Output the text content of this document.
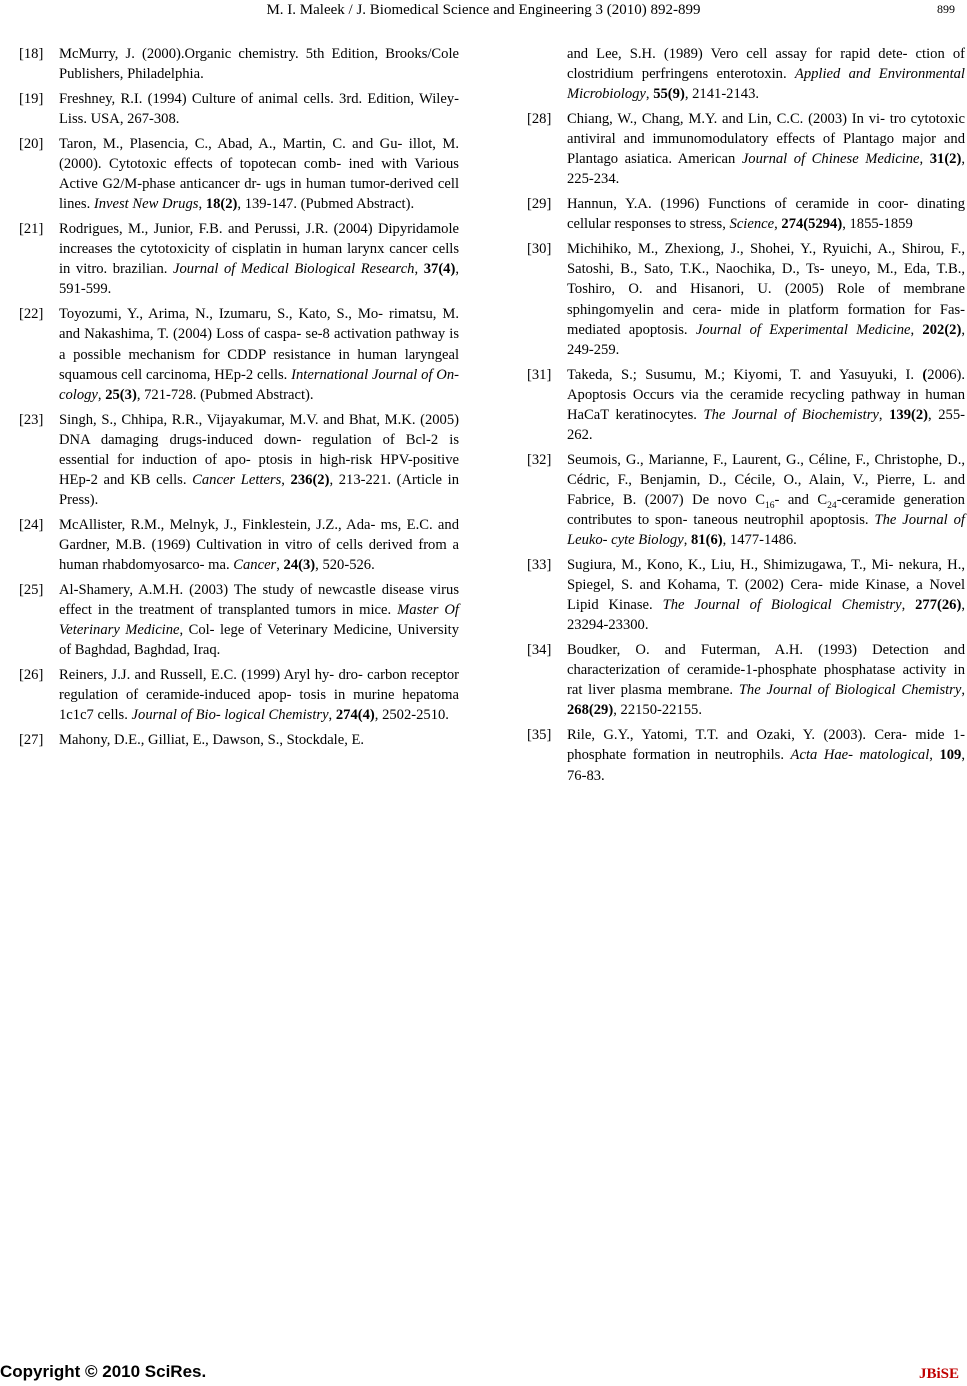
M. I. Maleek / J. Biomedical Science and Engineering 3 (2010) 892-899	899
[18] McMurry, J. (2000).Organic chemistry. 5th Edition, Brooks/Cole Publishers, Philadelphia.
[19] Freshney, R.I. (1994) Culture of animal cells. 3rd. Edition, Wiley-Liss. USA, 267-308.
[20] Taron, M., Plasencia, C., Abad, A., Martin, C. and Gu- illot, M. (2000). Cytotoxic effects of topotecan comb- ined with Various Active G2/M-phase anticancer dr- ugs in human tumor-derived cell lines. Invest New Drugs, 18(2), 139-147. (Pubmed Abstract).
[21] Rodrigues, M., Junior, F.B. and Perussi, J.R. (2004) Dipyridamole increases the cytotoxicity of cisplatin in human larynx cancer cells in vitro. brazilian. Journal of Medical Biological Research, 37(4), 591-599.
[22] Toyozumi, Y., Arima, N., Izumaru, S., Kato, S., Mo- rimatsu, M. and Nakashima, T. (2004) Loss of caspa- se-8 activation pathway is a possible mechanism for CDDP resistance in human laryngeal squamous cell carcinoma, HEp-2 cells. International Journal of On- cology, 25(3), 721-728. (Pubmed Abstract).
[23] Singh, S., Chhipa, R.R., Vijayakumar, M.V. and Bhat, M.K. (2005) DNA damaging drugs-induced down- regulation of Bcl-2 is essential for induction of apo- ptosis in high-risk HPV-positive HEp-2 and KB cells. Cancer Letters, 236(2), 213-221. (Article in Press).
[24] McAllister, R.M., Melnyk, J., Finklestein, J.Z., Ada- ms, E.C. and Gardner, M.B. (1969) Cultivation in vitro of cells derived from a human rhabdomyosarco- ma. Cancer, 24(3), 520-526.
[25] Al-Shamery, A.M.H. (2003) The study of newcastle disease virus effect in the treatment of transplanted tumors in mice. Master Of Veterinary Medicine, Col- lege of Veterinary Medicine, University of Baghdad, Baghdad, Iraq.
[26] Reiners, J.J. and Russell, E.C. (1999) Aryl hy- dro- carbon receptor regulation of ceramide-induced apop- tosis in murine hepatoma 1c1c7 cells. Journal of Bio- logical Chemistry, 274(4), 2502-2510.
[27] Mahony, D.E., Gilliat, E., Dawson, S., Stockdale, E.
and Lee, S.H. (1989) Vero cell assay for rapid dete- ction of clostridium perfringens enterotoxin. Applied and Environmental Microbiology, 55(9), 2141-2143.
[28] Chiang, W., Chang, M.Y. and Lin, C.C. (2003) In vi- tro cytotoxic antiviral and immunomodulatory effects of Plantago major and Plantago asiatica. American Journal of Chinese Medicine, 31(2), 225-234.
[29] Hannun, Y.A. (1996) Functions of ceramide in coor- dinating cellular responses to stress, Science, 274(5294), 1855-1859
[30] Michihiko, M., Zhexiong, J., Shohei, Y., Ryuichi, A., Shirou, F., Satoshi, B., Sato, T.K., Naochika, D., Ts- uneyo, M., Eda, T.B., Toshiro, O. and Hisanori, U. (2005) Role of membrane sphingomyelin and cera- mide in platform formation for Fas-mediated apoptosis. Journal of Experimental Medicine, 202(2), 249-259.
[31] Takeda, S.; Susumu, M.; Kiyomi, T. and Yasuyuki, I. (2006). Apoptosis Occurs via the ceramide recycling pathway in human HaCaT keratinocytes. The Journal of Biochemistry, 139(2), 255-262.
[32] Seumois, G., Marianne, F., Laurent, G., Céline, F., Christophe, D., Cédric, F., Benjamin, D., Cécile, O., Alain, V., Pierre, L. and Fabrice, B. (2007) De novo $C_{16}-$ and $C_{24}$-ceramide generation contributes to spon- taneous neutrophil apoptosis. The Journal of Leuko- cyte Biology, 81(6), 1477-1486.
[33] Sugiura, M., Kono, K., Liu, H., Shimizugawa, T., Mi- nekura, H., Spiegel, S. and Kohama, T. (2002) Cera- mide Kinase, a Novel Lipid Kinase. The Journal of Biological Chemistry, 277(26), 23294-23300.
[34] Boudker, O. and Futerman, A.H. (1993) Detection and characterization of ceramide-1-phosphate phosphatase activity in rat liver plasma membrane. The Journal of Biological Chemistry, 268(29), 22150-22155.
[35] Rile, G.Y., Yatomi, T.T. and Ozaki, Y. (2003). Cera- mide 1-phosphate formation in neutrophils. Acta Hae- matological, 109, 76-83.
Copyright © 2010 SciRes.	JBiSE
